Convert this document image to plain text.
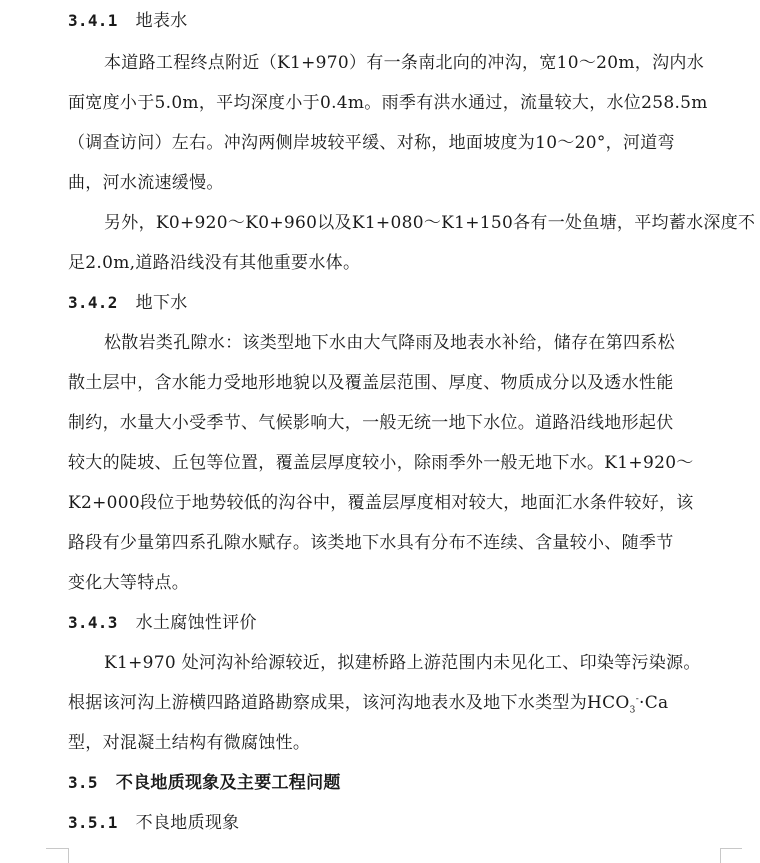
3.4.1 地表水
本道路工程终点附近（K1+970）有一条南北向的冲沟，宽10～20m，沟内水
面宽度小于5.0m，平均深度小于0.4m。雨季有洪水通过，流量较大，水位258.5m
（调查访问）左右。冲沟两侧岸坡较平缓、对称，地面坡度为10～20°，河道弯
曲，河水流速缓慢。
另外，K0+920～K0+960以及K1+080～K1+150各有一处鱼塘，平均蓄水深度不
足2.0m,道路沿线没有其他重要水体。
3.4.2 地下水
松散岩类孔隙水：该类型地下水由大气降雨及地表水补给，储存在第四系松
散土层中，含水能力受地形地貌以及覆盖层范围、厚度、物质成分以及透水性能
制约，水量大小受季节、气候影响大，一般无统一地下水位。道路沿线地形起伏
较大的陡坡、丘包等位置，覆盖层厚度较小，除雨季外一般无地下水。K1+920～
K2+000段位于地势较低的沟谷中，覆盖层厚度相对较大，地面汇水条件较好，该
路段有少量第四系孔隙水赋存。该类地下水具有分布不连续、含量较小、随季节
变化大等特点。
3.4.3 水土腐蚀性评价
K1+970 处河沟补给源较近，拟建桥路上游范围内未见化工、印染等污染源。
根据该河沟上游横四路道路勘察成果，该河沟地表水及地下水类型为$HCO_3^-\cdot Ca$
型，对混凝土结构有微腐蚀性。
3.5 不良地质现象及主要工程问题
3.5.1 不良地质现象
